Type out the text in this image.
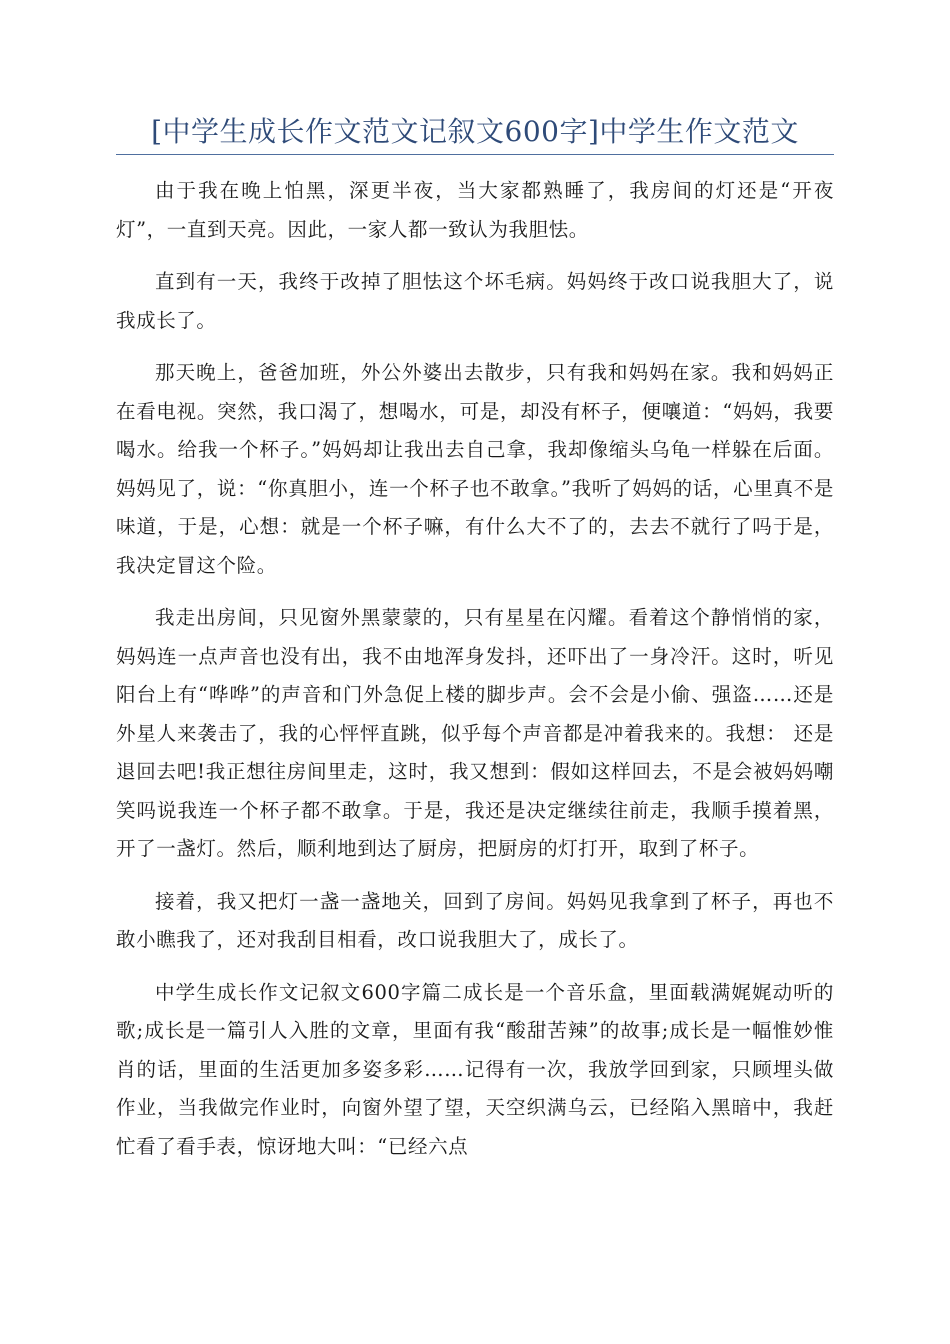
[中学生成长作文范文记叙文600字]中学生作文范文

由于我在晚上怕黑，深更半夜，当大家都熟睡了，我房间的灯还是“开夜灯”，一直到天亮。因此，一家人都一致认为我胆怯。

直到有一天，我终于改掉了胆怯这个坏毛病。妈妈终于改口说我胆大了，说我成长了。

那天晚上，爸爸加班，外公外婆出去散步，只有我和妈妈在家。我和妈妈正在看电视。突然，我口渴了，想喝水，可是，却没有杯子，便嚷道：“妈妈，我要喝水。给我一个杯子。”妈妈却让我出去自己拿，我却像缩头乌龟一样躲在后面。妈妈见了，说：“你真胆小，连一个杯子也不敢拿。”我听了妈妈的话，心里真不是味道，于是，心想：就是一个杯子嘛，有什么大不了的，去去不就行了吗于是，我决定冒这个险。

我走出房间，只见窗外黑蒙蒙的，只有星星在闪耀。看着这个静悄悄的家，妈妈连一点声音也没有出，我不由地浑身发抖，还吓出了一身冷汗。这时，听见阳台上有“哗哗”的声音和门外急促上楼的脚步声。会不会是小偷、强盗……还是外星人来袭击了，我的心怦怦直跳，似乎每个声音都是冲着我来的。我想： 还是退回去吧!我正想往房间里走，这时，我又想到：假如这样回去，不是会被妈妈嘲笑吗说我连一个杯子都不敢拿。于是，我还是决定继续往前走，我顺手摸着黑，开了一盏灯。然后，顺利地到达了厨房，把厨房的灯打开，取到了杯子。

接着，我又把灯一盏一盏地关，回到了房间。妈妈见我拿到了杯子，再也不敢小瞧我了，还对我刮目相看，改口说我胆大了，成长了。

中学生成长作文记叙文600字篇二成长是一个音乐盒，里面载满娓娓动听的歌;成长是一篇引人入胜的文章，里面有我“酸甜苦辣”的故事;成长是一幅惟妙惟肖的话，里面的生活更加多姿多彩……记得有一次，我放学回到家，只顾埋头做作业，当我做完作业时，向窗外望了望，天空织满乌云，已经陷入黑暗中，我赶忙看了看手表，惊讶地大叫：“已经六点
